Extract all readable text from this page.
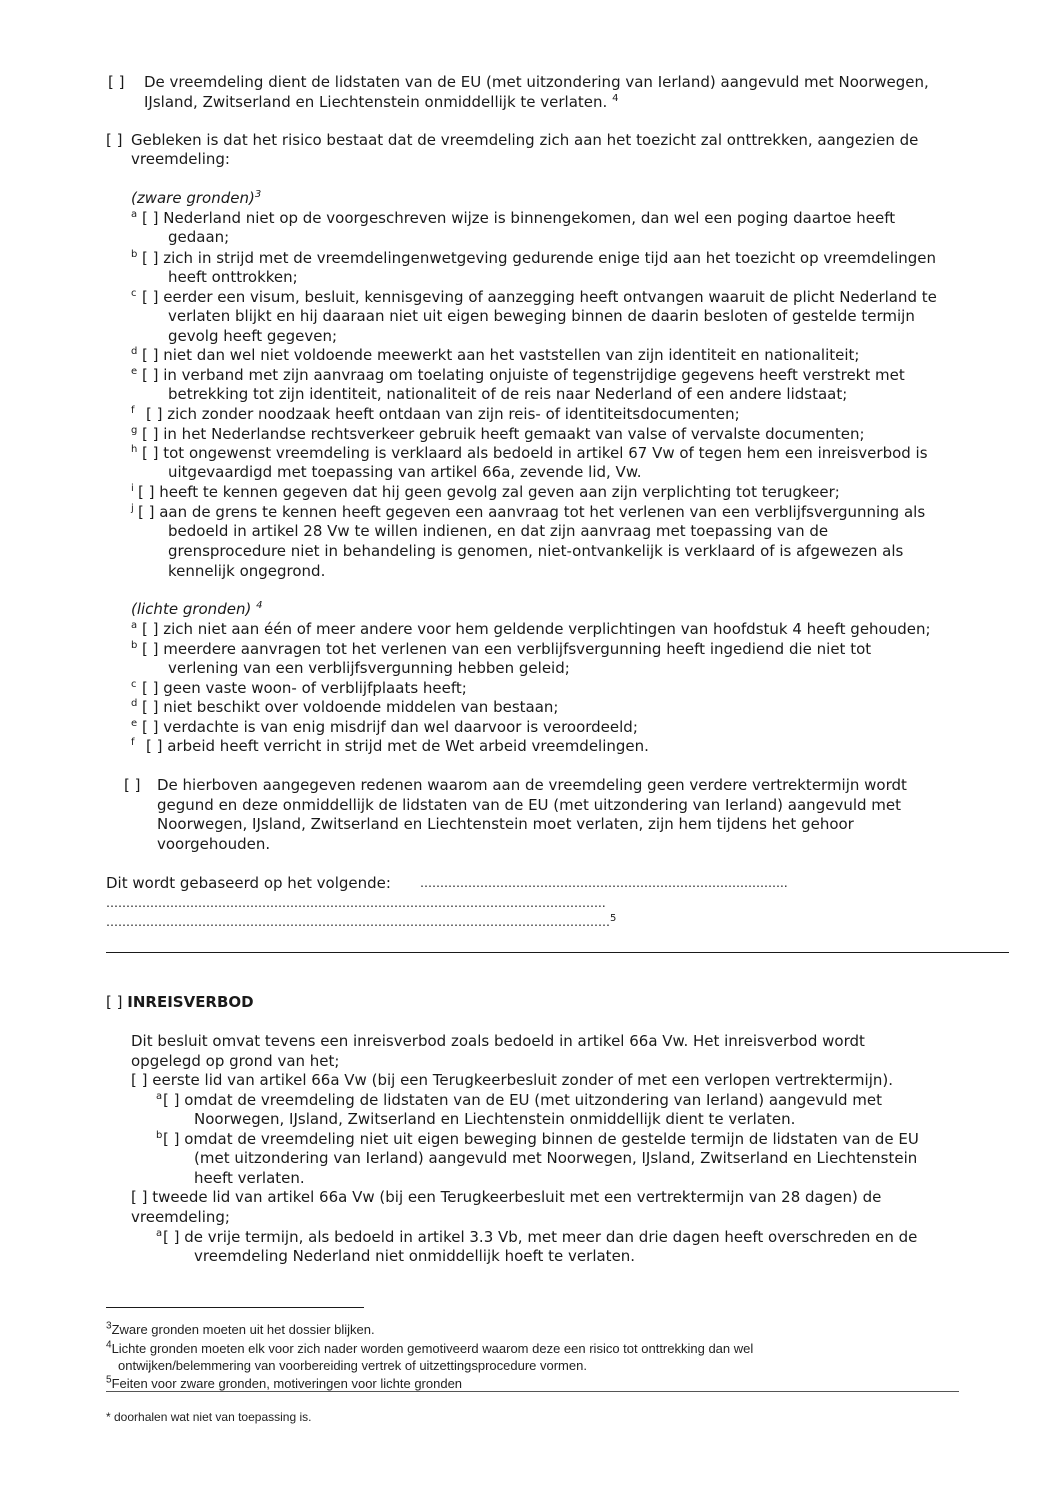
[ ] De vreemdeling dient de lidstaten van de EU (met uitzondering van Ierland) aangevuld met Noorwegen,
IJsland, Zwitserland en Liechtenstein onmiddellijk te verlaten. $^4$
[ ] Gebleken is dat het risico bestaat dat de vreemdeling zich aan het toezicht zal onttrekken, aangezien de
vreemdeling:
(zware gronden)$^3$
a [ ] Nederland niet op de voorgeschreven wijze is binnengekomen, dan wel een poging daartoe heeft
gedaan;
b [ ] zich in strijd met de vreemdelingenwetgeving gedurende enige tijd aan het toezicht op vreemdelingen
heeft onttrokken;
c [ ] eerder een visum, besluit, kennisgeving of aanzegging heeft ontvangen waaruit de plicht Nederland te
verlaten blijkt en hij daaraan niet uit eigen beweging binnen de daarin besloten of gestelde termijn
gevolg heeft gegeven;
d [ ] niet dan wel niet voldoende meewerkt aan het vaststellen van zijn identiteit en nationaliteit;
e [ ] in verband met zijn aanvraag om toelating onjuiste of tegenstrijdige gegevens heeft verstrekt met
betrekking tot zijn identiteit, nationaliteit of de reis naar Nederland of een andere lidstaat;
f [ ] zich zonder noodzaak heeft ontdaan van zijn reis- of identiteitsdocumenten;
g [ ] in het Nederlandse rechtsverkeer gebruik heeft gemaakt van valse of vervalste documenten;
h [ ] tot ongewenst vreemdeling is verklaard als bedoeld in artikel 67 Vw of tegen hem een inreisverbod is
uitgevaardigd met toepassing van artikel 66a, zevende lid, Vw.
i [ ] heeft te kennen gegeven dat hij geen gevolg zal geven aan zijn verplichting tot terugkeer;
j [ ] aan de grens te kennen heeft gegeven een aanvraag tot het verlenen van een verblijfsvergunning als
bedoeld in artikel 28 Vw te willen indienen, en dat zijn aanvraag met toepassing van de
grensprocedure niet in behandeling is genomen, niet-ontvankelijk is verklaard of is afgewezen als
kennelijk ongegrond.
(lichte gronden) $^4$
a [ ] zich niet aan één of meer andere voor hem geldende verplichtingen van hoofdstuk 4 heeft gehouden;
b [ ] meerdere aanvragen tot het verlenen van een verblijfsvergunning heeft ingediend die niet tot
verlening van een verblijfsvergunning hebben geleid;
c [ ] geen vaste woon- of verblijfplaats heeft;
d [ ] niet beschikt over voldoende middelen van bestaan;
e [ ] verdachte is van enig misdrijf dan wel daarvoor is veroordeeld;
f [ ] arbeid heeft verricht in strijd met de Wet arbeid vreemdelingen.
[ ] De hierboven aangegeven redenen waarom aan de vreemdeling geen verdere vertrektermijn wordt
gegund en deze onmiddellijk de lidstaten van de EU (met uitzondering van Ierland) aangevuld met
Noorwegen, IJsland, Zwitserland en Liechtenstein moet verlaten, zijn hem tijdens het gehoor
voorgehouden.
Dit wordt gebaseerd op het volgende: ………………………………………………………………………………..
……………………………………………………………………………………………………………..
………………………………………………………………………………………………………………$^5$
[ ] INREISVERBOD
Dit besluit omvat tevens een inreisverbod zoals bedoeld in artikel 66a Vw. Het inreisverbod wordt
opgelegd op grond van het;
[ ] eerste lid van artikel 66a Vw (bij een Terugkeerbesluit zonder of met een verlopen vertrektermijn).
a [ ] omdat de vreemdeling de lidstaten van de EU (met uitzondering van Ierland) aangevuld met
Noorwegen, IJsland, Zwitserland en Liechtenstein onmiddellijk dient te verlaten.
b [ ] omdat de vreemdeling niet uit eigen beweging binnen de gestelde termijn de lidstaten van de EU
(met uitzondering van Ierland) aangevuld met Noorwegen, IJsland, Zwitserland en Liechtenstein
heeft verlaten.
[ ] tweede lid van artikel 66a Vw (bij een Terugkeerbesluit met een vertrektermijn van 28 dagen) de
vreemdeling;
a [ ] de vrije termijn, als bedoeld in artikel 3.3 Vb, met meer dan drie dagen heeft overschreden en de
vreemdeling Nederland niet onmiddellijk hoeft te verlaten.
$^3$Zware gronden moeten uit het dossier blijken.
$^4$Lichte gronden moeten elk voor zich nader worden gemotiveerd waarom deze een risico tot onttrekking dan wel
ontwijken/belemmering van voorbereiding vertrek of uitzettingsprocedure vormen.
$^5$Feiten voor zware gronden, motiveringen voor lichte gronden
* doorhalen wat niet van toepassing is.
